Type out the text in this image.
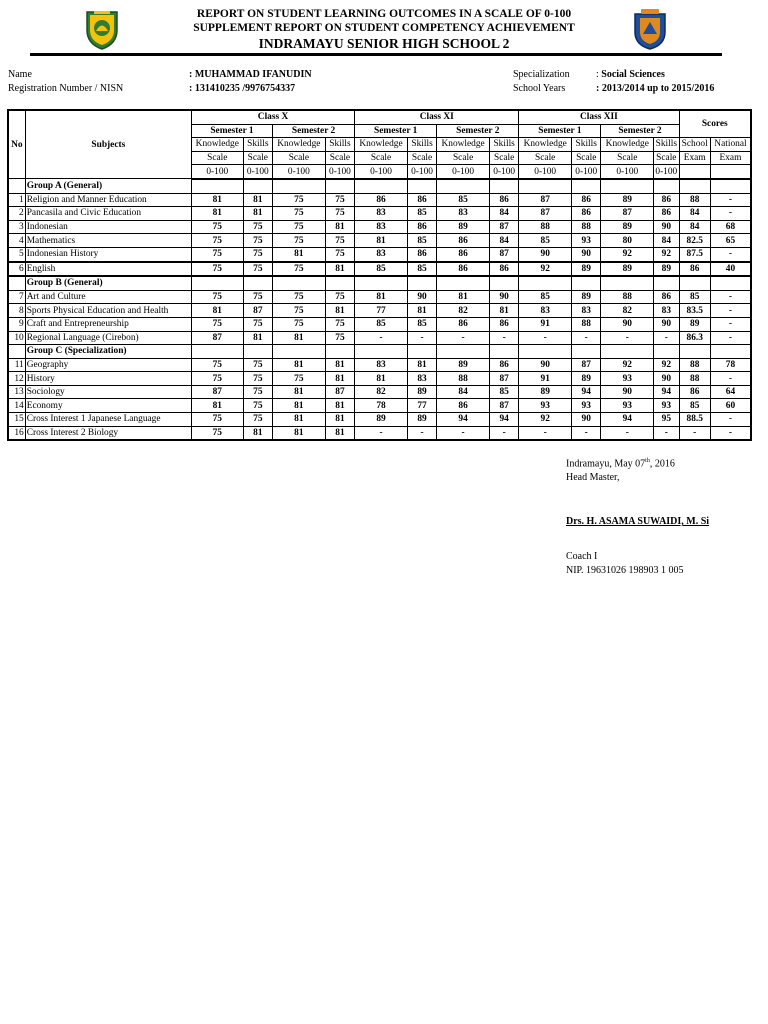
REPORT ON STUDENT LEARNING OUTCOMES IN A SCALE OF 0-100
SUPPLEMENT REPORT ON STUDENT COMPETENCY ACHIEVEMENT
INDRAMAYU SENIOR HIGH SCHOOL 2
Name	: MUHAMMAD IFANUDIN
Registration Number / NISN	: 131410235 /9976754337
Specialization	: Social Sciences
School Years	: 2013/2014 up to 2015/2016
No	Subjects	Class X				Class XI				Class XII				Scores	
		Semester 1		Semester 2		Semester 1		Semester 2		Semester 1		Semester 2			
		Knowledge	Skills	Knowledge	Skills	Knowledge	Skills	Knowledge	Skills	Knowledge	Skills	Knowledge	Skills	School	National
		Scale	Scale	Scale	Scale	Scale	Scale	Scale	Scale	Scale	Scale	Scale	Scale	Exam	Exam
		0-100	0-100	0-100	0-100	0-100	0-100	0-100	0-100	0-100	0-100	0-100	0-100		
	Group A (General)														
1	Religion and Manner Education	81	81	75	75	86	86	85	86	87	86	89	86	88	-
2	Pancasila and Civic Education	81	81	75	75	83	85	83	84	87	86	87	86	84	-
3	Indonesian	75	75	75	81	83	86	89	87	88	88	89	90	84	68
4	Mathematics	75	75	75	75	81	85	86	84	85	93	80	84	82.5	65
5	Indonesian History	75	75	81	75	83	86	86	87	90	90	92	92	87.5	-
6	English	75	75	75	81	85	85	86	86	92	89	89	89	86	40
	Group B (General)														
7	Art and Culture	75	75	75	75	81	90	81	90	85	89	88	86	85	-
8	Sports Physical Education and Health	81	87	75	81	77	81	82	81	83	83	82	83	83.5	-
9	Craft and Entrepreneurship	75	75	75	75	85	85	86	86	91	88	90	90	89	-
10	Regional Language (Cirebon)	87	81	81	75	-	-	-	-	-	-	-	-	86.3	-
	Group C (Specialization)														
11	Geography	75	75	81	81	83	81	89	86	90	87	92	92	88	78
12	History	75	75	75	81	81	83	88	87	91	89	93	90	88	-
13	Sociology	87	75	81	87	82	89	84	85	89	94	90	94	86	64
14	Economy	81	75	81	81	78	77	86	87	93	93	93	93	85	60
15	Cross Interest 1 Japanese Language	75	75	81	81	89	89	94	94	92	90	94	95	88.5	-
16	Cross Interest 2 Biology	75	81	81	81	-	-	-	-	-	-	-	-	-	-
Indramayu, May 07th, 2016
Head Master,
Drs. H. ASAMA SUWAIDI, M. Si
Coach I
NIP. 19631026 198903 1 005
